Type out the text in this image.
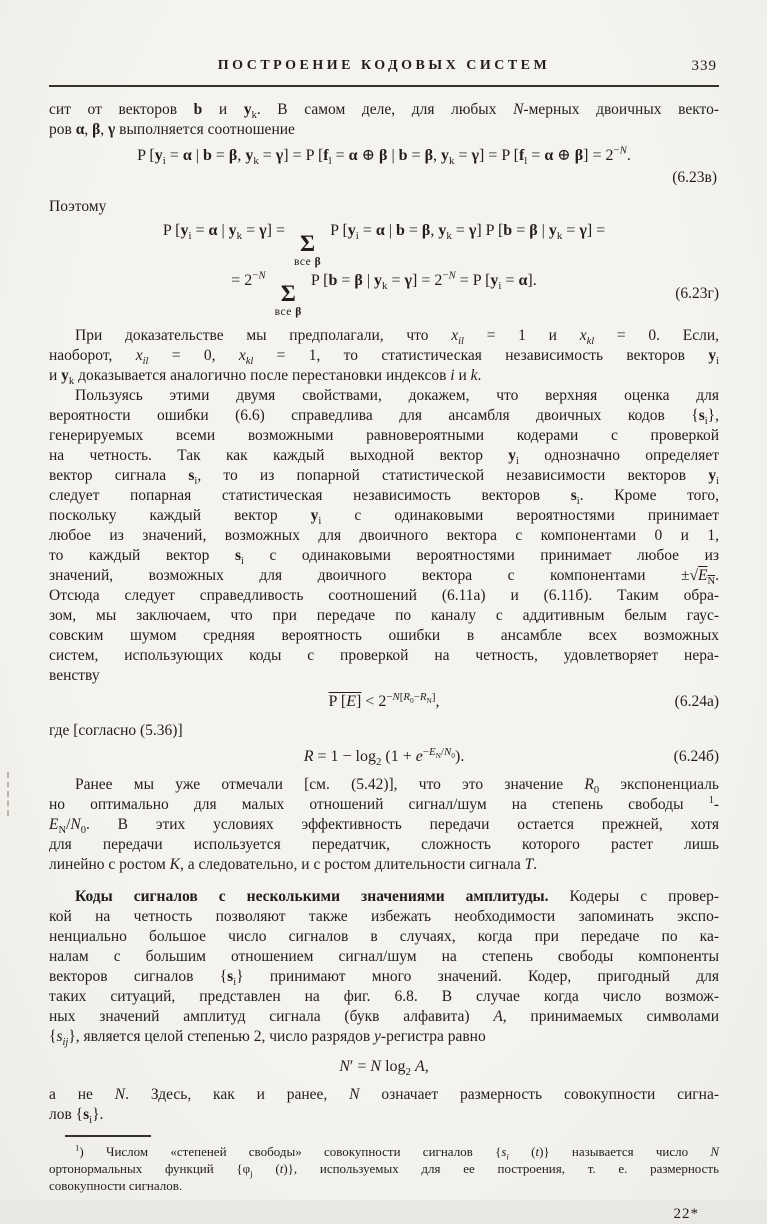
ПОСТРОЕНИЕ КОДОВЫХ СИСТЕМ	339
сит от векторов b и $y_k$. В самом деле, для любых N-мерных двоичных векто-
ров α, β, γ выполняется соотношение
P [$y_i = \alpha$ | b = β, $y_k = \gamma] = P$ [$f_l = \alpha$ ⊕ β | b = β, $y_k = \gamma] = P$ [$f_l = \alpha$ ⊕ $\beta] = 2^{-N}$.
(6.23в)
Поэтому
P [$y_i = \alpha$ | $y_k = \gamma$] =
Σ
все β
P [$y_i = \alpha$ | b = β, $y_k = \gamma$] P [b = β | $y_k = \gamma$] =
= $2^{-N}$
Σ
все β
P [b = β | $y_k = \gamma] = 2^{-N} = P$ $[y_i = \alpha]$.
(6.23г)
При доказательстве мы предполагали, что $x_{il} = 1$ и $x_{kl} = 0$. Если,
наоборот, $x_{il} = 0$, $x_{kl} = 1$, то статистическая независимость векторов $y_i$
и $y_k$ доказывается аналогично после перестановки индексов i и k.
Пользуясь этими двумя свойствами, докажем, что верхняя оценка для
вероятности ошибки (6.6) справедлива для ансамбля двоичных кодов $\{s_i\}$,
генерируемых всеми возможными равновероятными кодерами с проверкой
на четность. Так как каждый выходной вектор $y_i$ однозначно определяет
вектор сигнала $s_i$, то из попарной статистической независимости векторов $y_i$
следует попарная статистическая независимость векторов $s_i$. Кроме того,
поскольку каждый вектор $y_i$ с одинаковыми вероятностями принимает
любое из значений, возможных для двоичного вектора с компонентами 0 и 1,
то каждый вектор $s_i$ с одинаковыми вероятностями принимает любое из
значений, возможных для двоичного вектора с компонентами $\pm√E_N$.
Отсюда следует справедливость соотношений (6.11а) и (6.11б). Таким обра-
зом, мы заключаем, что при передаче по каналу с аддитивным белым гаус-
совским шумом средняя вероятность ошибки в ансамбле всех возможных
систем, использующих коды с проверкой на четность, удовлетворяет нера-
венству
P $[E] < 2^{-N[R_0-R_N]}$,	(6.24а)
где [согласно (5.36)]
$R = 1 - \log_2 (1 + e^{-E_N/N_0})$.	(6.24б)
Ранее мы уже отмечали [см. (5.42)], что это значение $R_0$ экспоненциаль
но оптимально для малых отношений сигнал/шум на степень свободы $^1$-
$E_N/N_0$. В этих условиях эффективность передачи остается прежней, хотя
для передачи используется передатчик, сложность которого растет лишь
линейно с ростом K, а следовательно, и с ростом длительности сигнала T.
Коды сигналов с несколькими значениями амплитуды. Кодеры с провер-
кой на четность позволяют также избежать необходимости запоминать экспо-
ненциально большое число сигналов в случаях, когда при передаче по ка-
налам с большим отношением сигнал/шум на степень свободы компоненты
векторов сигналов $\{s_i\}$ принимают много значений. Кодер, пригодный для
таких ситуаций, представлен на фиг. 6.8. В случае когда число возмож-
ных значений амплитуд сигнала (букв алфавита) A, принимаемых символами
$\{s_{ij}\}$, является целой степенью 2, число разрядов y-регистра равно
N′ = N $\log_2 A$,
а не N. Здесь, как и ранее, N означает размерность совокупности сигна-
лов $\{s_i\}$.
$^1$) Числом «степеней свободы» совокупности сигналов {$s_i$ (t)} называется число N
ортонормальных функций {$\varphi_j$ (t)}, используемых для ее построения, т. е. размерность
совокупности сигналов.
22*
